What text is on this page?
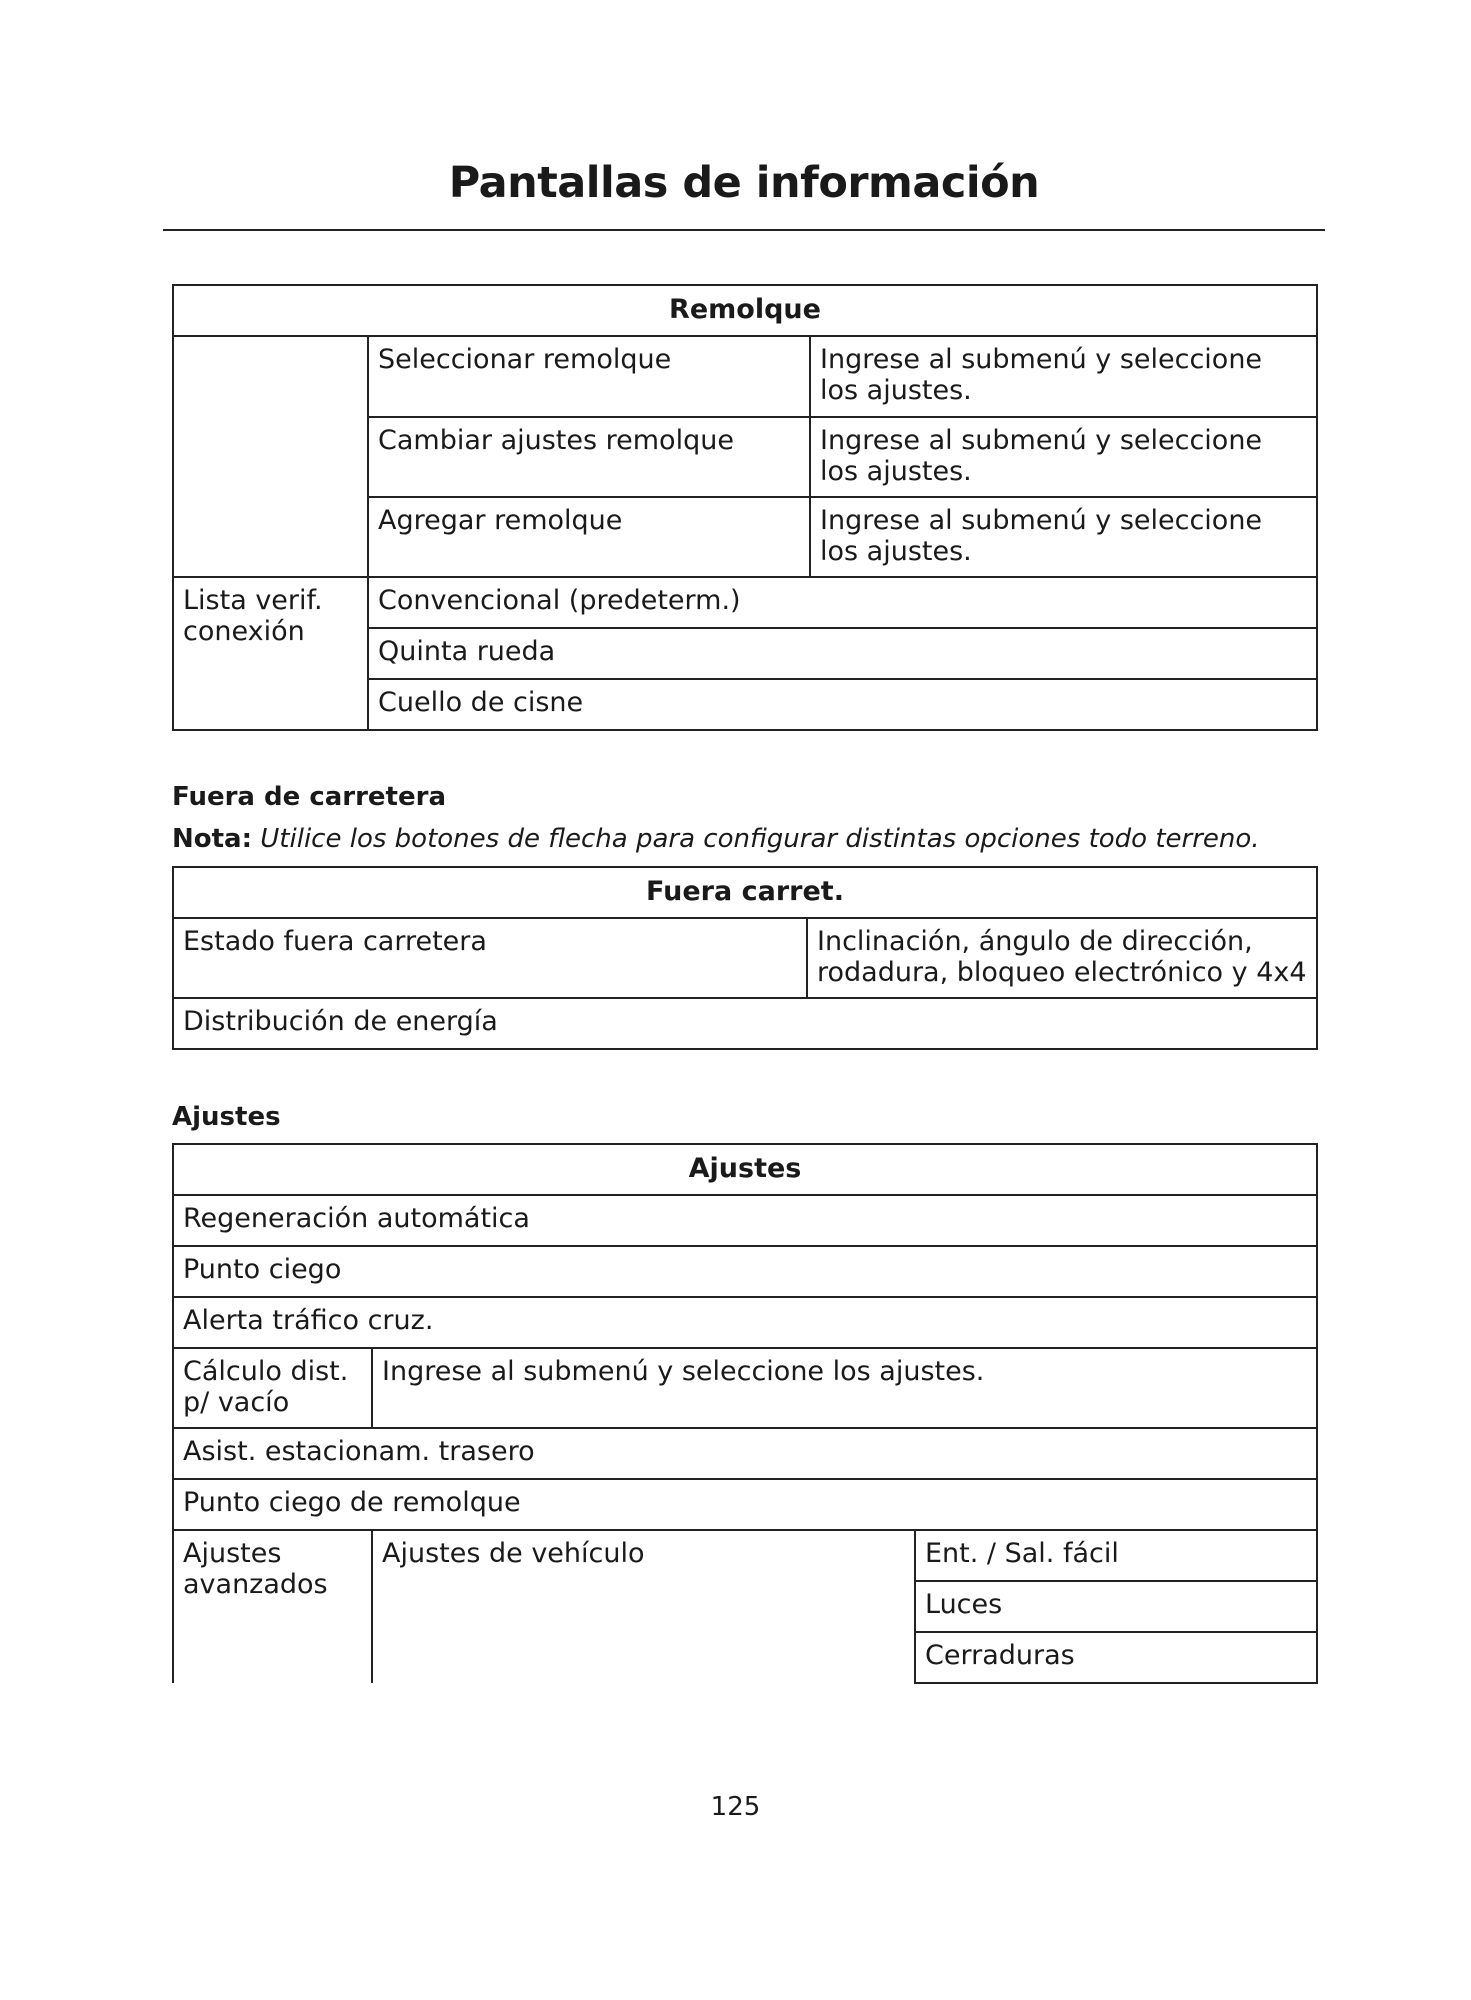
Pantallas de información
Remolque		
	Seleccionar remolque	Ingrese al submenú y seleccione los ajustes.
	Cambiar ajustes remolque	Ingrese al submenú y seleccione los ajustes.
	Agregar remolque	Ingrese al submenú y seleccione los ajustes.
Lista verif. conexión	Convencional (predeterm.)	
	Quinta rueda	
	Cuello de cisne	
Fuera de carretera
Nota: Utilice los botones de flecha para configurar distintas opciones todo terreno.
Fuera carret.
Estado fuera carretera	Inclinación, ángulo de dirección, rodadura, bloqueo electrónico y 4x4
Distribución de energía
Ajustes
Ajustes		
Regeneración automática		
Punto ciego		
Alerta tráfico cruz.		
Cálculo dist. p/ vacío	Ingrese al submenú y seleccione los ajustes.	
Asist. estacionam. trasero		
Punto ciego de remolque		
Ajustes avanzados	Ajustes de vehículo	Ent. / Sal. fácil
		Luces
		Cerraduras
125
